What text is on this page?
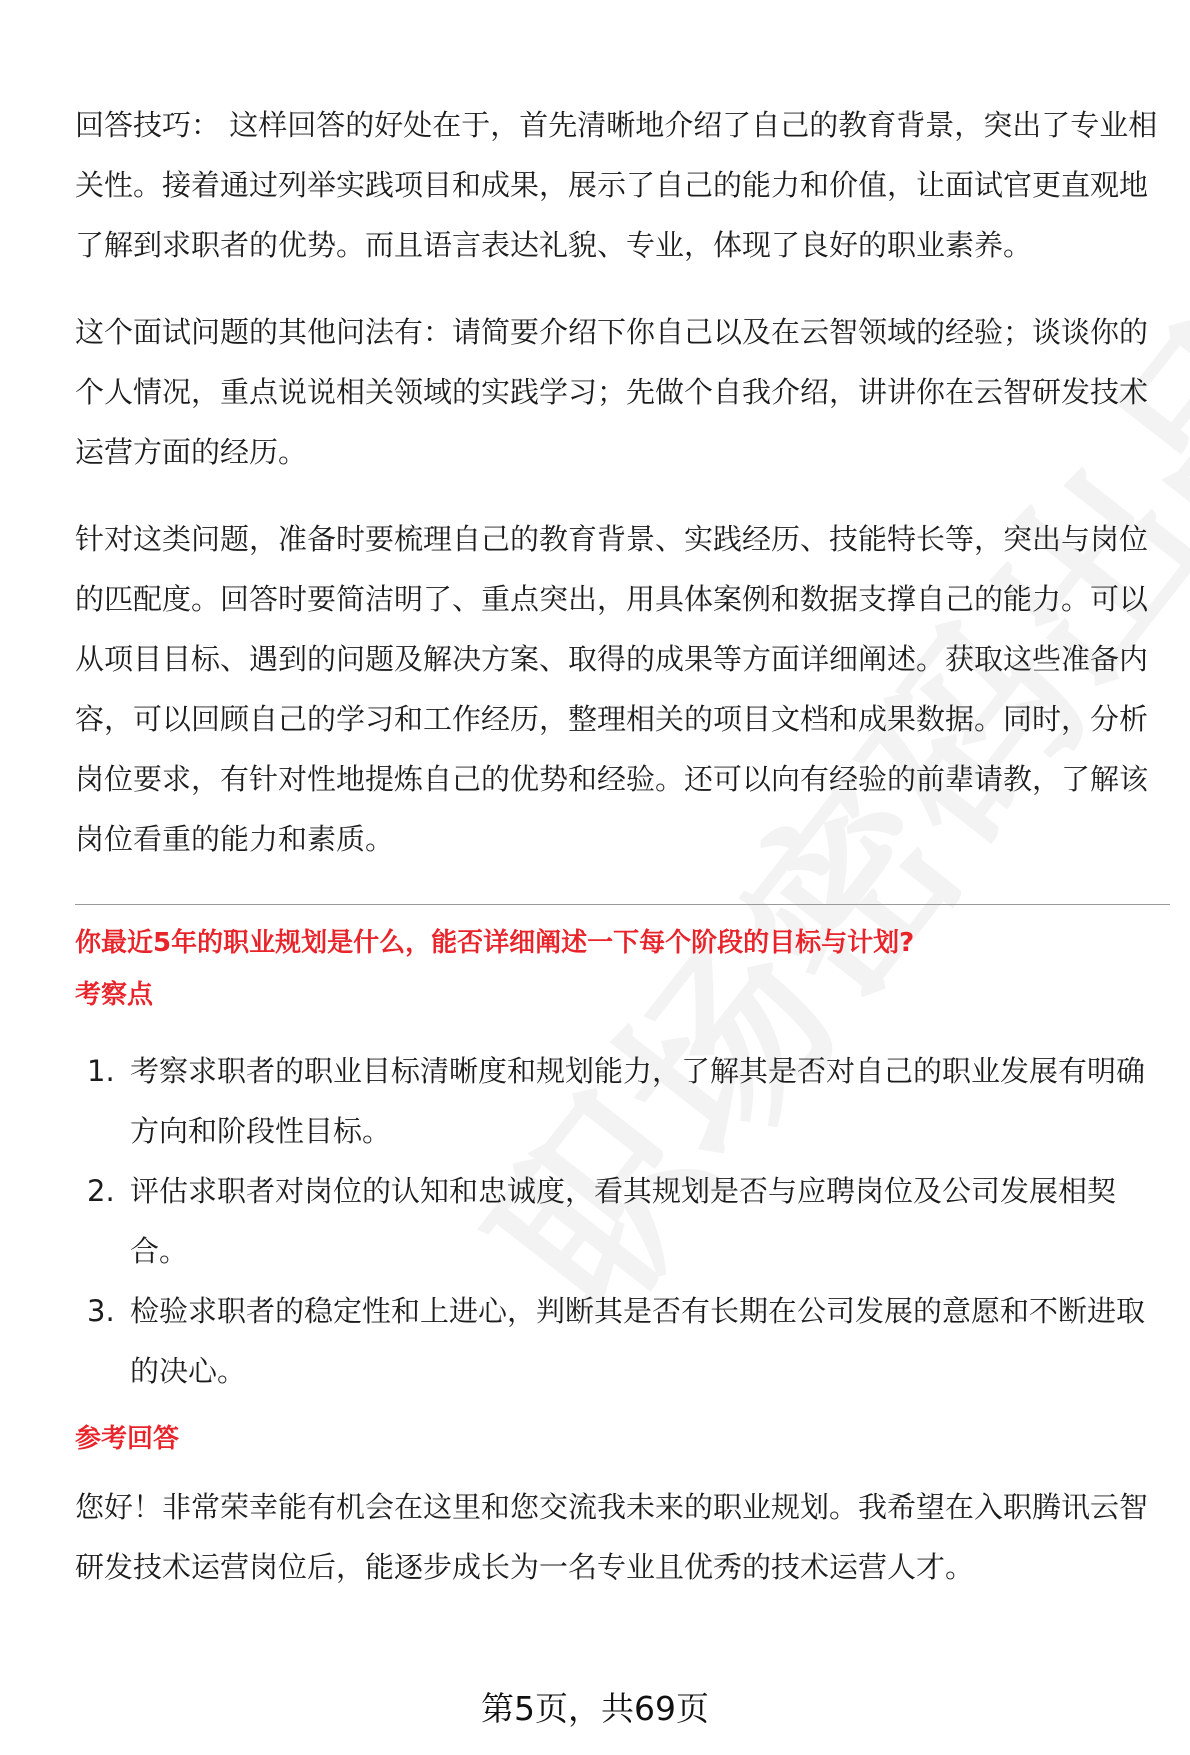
回答技巧： 这样回答的好处在于，首先清晰地介绍了自己的教育背景，突出了专业相关性。接着通过列举实践项目和成果，展示了自己的能力和价值，让面试官更直观地了解到求职者的优势。而且语言表达礼貌、专业，体现了良好的职业素养。

这个面试问题的其他问法有：请简要介绍下你自己以及在云智领域的经验；谈谈你的个人情况，重点说说相关领域的实践学习；先做个自我介绍，讲讲你在云智研发技术运营方面的经历。

针对这类问题，准备时要梳理自己的教育背景、实践经历、技能特长等，突出与岗位的匹配度。回答时要简洁明了、重点突出，用具体案例和数据支撑自己的能力。可以从项目目标、遇到的问题及解决方案、取得的成果等方面详细阐述。获取这些准备内容，可以回顾自己的学习和工作经历，整理相关的项目文档和成果数据。同时，分析岗位要求，有针对性地提炼自己的优势和经验。还可以向有经验的前辈请教，了解该岗位看重的能力和素质。

你最近5年的职业规划是什么，能否详细阐述一下每个阶段的目标与计划?
考察点
1. 考察求职者的职业目标清晰度和规划能力，了解其是否对自己的职业发展有明确方向和阶段性目标。
2. 评估求职者对岗位的认知和忠诚度，看其规划是否与应聘岗位及公司发展相契合。
3. 检验求职者的稳定性和上进心，判断其是否有长期在公司发展的意愿和不断进取的决心。
参考回答

您好！非常荣幸能有机会在这里和您交流我未来的职业规划。我希望在入职腾讯云智研发技术运营岗位后，能逐步成长为一名专业且优秀的技术运营人才。

第5页，共69页
